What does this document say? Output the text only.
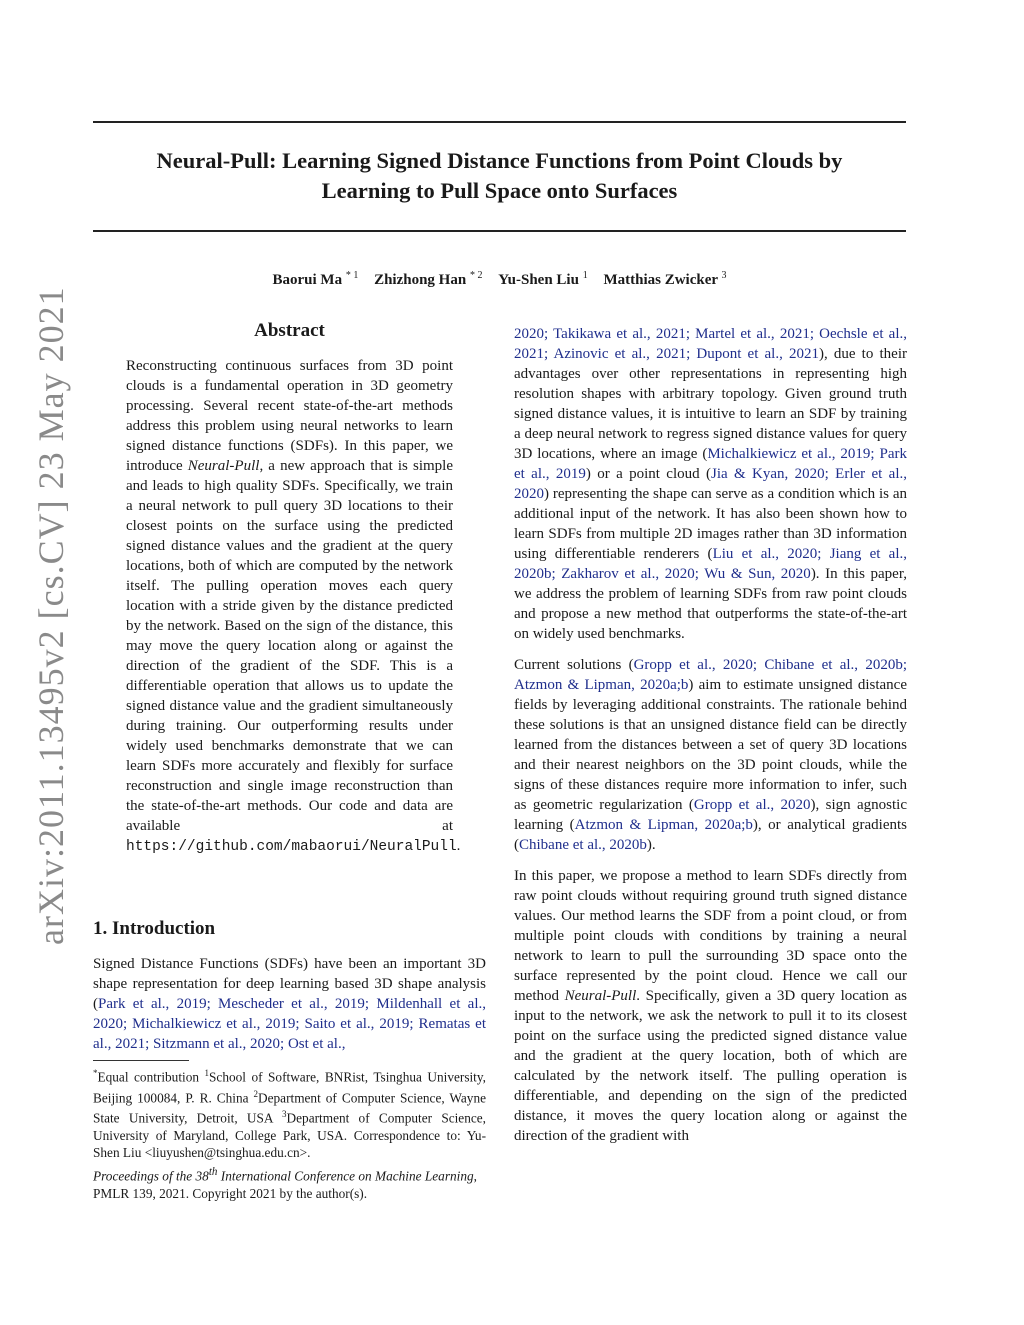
Neural-Pull: Learning Signed Distance Functions from Point Clouds by
Learning to Pull Space onto Surfaces
Baorui Ma $^{* 1}$ Zhizhong Han $^{* 2}$ Yu-Shen Liu $^1$ Matthias Zwicker $^3$
arXiv:2011.13495v2 [cs.CV] 23 May 2021	Abstract
Reconstructing continuous surfaces from 3D point clouds is a fundamental operation in 3D geometry processing. Several recent state-of-the-art methods address this problem using neural networks to learn signed distance functions (SDFs). In this paper, we introduce Neural-Pull, a new approach that is simple and leads to high quality SDFs. Specifically, we train a neural network to pull query 3D locations to their closest points on the surface using the predicted signed distance values and the gradient at the query locations, both of which are computed by the network itself. The pulling operation moves each query location with a stride given by the distance predicted by the network. Based on the sign of the distance, this may move the query location along or against the direction of the gradient of the SDF. This is a differentiable operation that allows us to update the signed distance value and the gradient simultaneously during training. Our outperforming results under widely used benchmarks demonstrate that we can learn SDFs more accurately and flexibly for surface reconstruction and single image reconstruction than the state-of-the-art methods. Our code and data are available at https://github.com/mabaorui/NeuralPull.
1. Introduction

Signed Distance Functions (SDFs) have been an important 3D shape representation for deep learning based 3D shape analysis (Park et al., 2019; Mescheder et al., 2019; Mildenhall et al., 2020; Michalkiewicz et al., 2019; Saito et al., 2019; Rematas et al., 2021; Sitzmann et al., 2020; Ost et al.,

*Equal contribution $^1$School of Software, BNRist, Tsinghua University, Beijing 100084, P. R. China $^2$Department of Computer Science, Wayne State University, Detroit, USA $^3$Department of Computer Science, University of Maryland, College Park, USA. Correspondence to: Yu-Shen Liu <liuyushen@tsinghua.edu.cn>.

Proceedings of the 38th International Conference on Machine Learning, PMLR 139, 2021. Copyright 2021 by the author(s).

2020; Takikawa et al., 2021; Martel et al., 2021; Oechsle et al., 2021; Azinovic et al., 2021; Dupont et al., 2021), due to their advantages over other representations in representing high resolution shapes with arbitrary topology. Given ground truth signed distance values, it is intuitive to learn an SDF by training a deep neural network to regress signed distance values for query 3D locations, where an image (Michalkiewicz et al., 2019; Park et al., 2019) or a point cloud (Jia & Kyan, 2020; Erler et al., 2020) representing the shape can serve as a condition which is an additional input of the network. It has also been shown how to learn SDFs from multiple 2D images rather than 3D information using differentiable renderers (Liu et al., 2020; Jiang et al., 2020b; Zakharov et al., 2020; Wu & Sun, 2020). In this paper, we address the problem of learning SDFs from raw point clouds and propose a new method that outperforms the state-of-the-art on widely used benchmarks.

Current solutions (Gropp et al., 2020; Chibane et al., 2020b; Atzmon & Lipman, 2020a;b) aim to estimate unsigned distance fields by leveraging additional constraints. The rationale behind these solutions is that an unsigned distance field can be directly learned from the distances between a set of query 3D locations and their nearest neighbors on the 3D point clouds, while the signs of these distances require more information to infer, such as geometric regularization (Gropp et al., 2020), sign agnostic learning (Atzmon & Lipman, 2020a;b), or analytical gradients (Chibane et al., 2020b).

In this paper, we propose a method to learn SDFs directly from raw point clouds without requiring ground truth signed distance values. Our method learns the SDF from a point cloud, or from multiple point clouds with conditions by training a neural network to learn to pull the surrounding 3D space onto the surface represented by the point cloud. Hence we call our method Neural-Pull. Specifically, given a 3D query location as input to the network, we ask the network to pull it to its closest point on the surface using the predicted signed distance value and the gradient at the query location, both of which are calculated by the network itself. The pulling operation is differentiable, and depending on the sign of the predicted distance, it moves the query location along or against the direction of the gradient with
